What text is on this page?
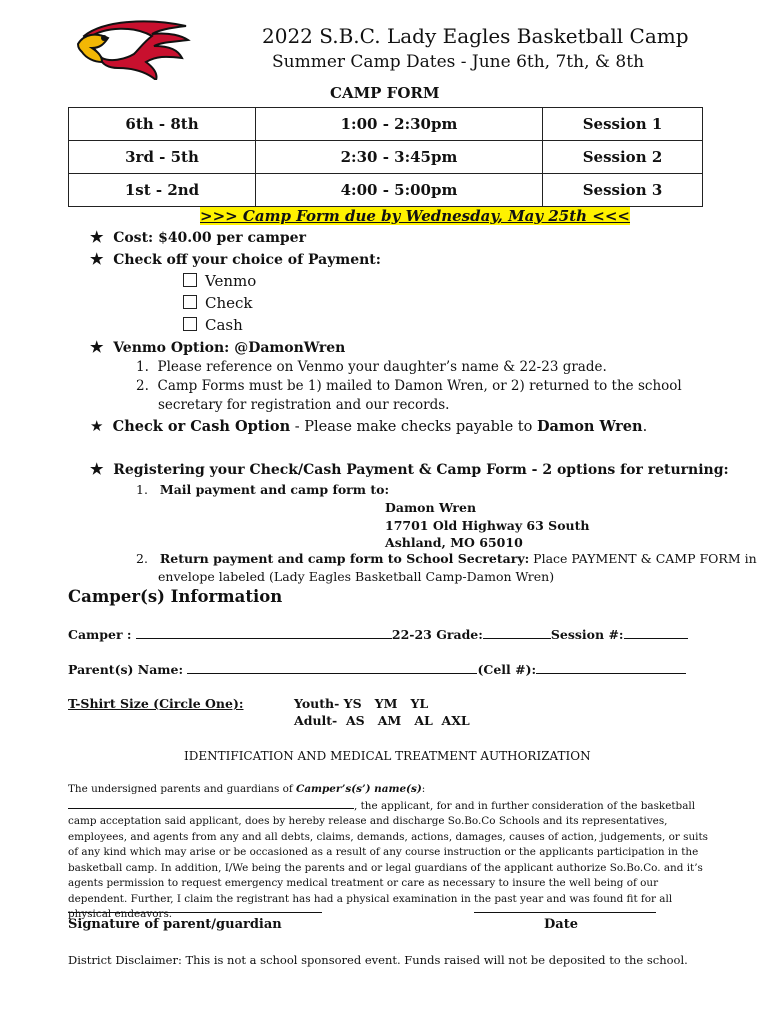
2022 S.B.C. Lady Eagles Basketball Camp
Summer Camp Dates - June 6th, 7th, & 8th
CAMP FORM
6th - 8th	1:00 - 2:30pm	Session 1
3rd - 5th	2:30 - 3:45pm	Session 2
1st - 2nd	4:00 - 5:00pm	Session 3
>>> Camp Form due by Wednesday, May 25th <<<
★ Cost: $40.00 per camper
★ Check off your choice of Payment:
Venmo
Check
Cash
★ Venmo Option: @DamonWren
1. Please reference on Venmo your daughter’s name & 22-23 grade.
2. Camp Forms must be 1) mailed to Damon Wren, or 2) returned to the school
secretary for registration and our records.
★ Check or Cash Option - Please make checks payable to Damon Wren.
★ Registering your Check/Cash Payment & Camp Form - 2 options for returning:
1. Mail payment and camp form to:
Damon Wren
17701 Old Highway 63 South
Ashland, MO 65010
2. Return payment and camp form to School Secretary: Place PAYMENT & CAMP FORM in
envelope labeled (Lady Eagles Basketball Camp-Damon Wren)
Camper(s) Information
Camper :	22-23 Grade:	Session #:
Parent(s) Name:	(Cell #):
T-Shirt Size (Circle One):	Youth- YS   YM   YL
Adult-  AS   AM   AL  AXL
IDENTIFICATION AND MEDICAL TREATMENT AUTHORIZATION
The undersigned parents and guardians of Camper’s(s’) name(s):, the applicant, for and in further consideration of the basketball camp acceptation said applicant, does by hereby release and discharge So.Bo.Co Schools and its representatives, employees, and agents from any and all debts, claims, demands, actions, damages, causes of action, judgements, or suits of any kind which may arise or be occasioned as a result of any course instruction or the applicants participation in the basketball camp. In addition, I/We being the parents and or legal guardians of the applicant authorize So.Bo.Co. and it’s agents permission to request emergency medical treatment or care as necessary to insure the well being of our dependent. Further, I claim the registrant has had a physical examination in the past year and was found fit for all physical endeavors.
Signature of parent/guardian	Date
District Disclaimer: This is not a school sponsored event. Funds raised will not be deposited to the school.
